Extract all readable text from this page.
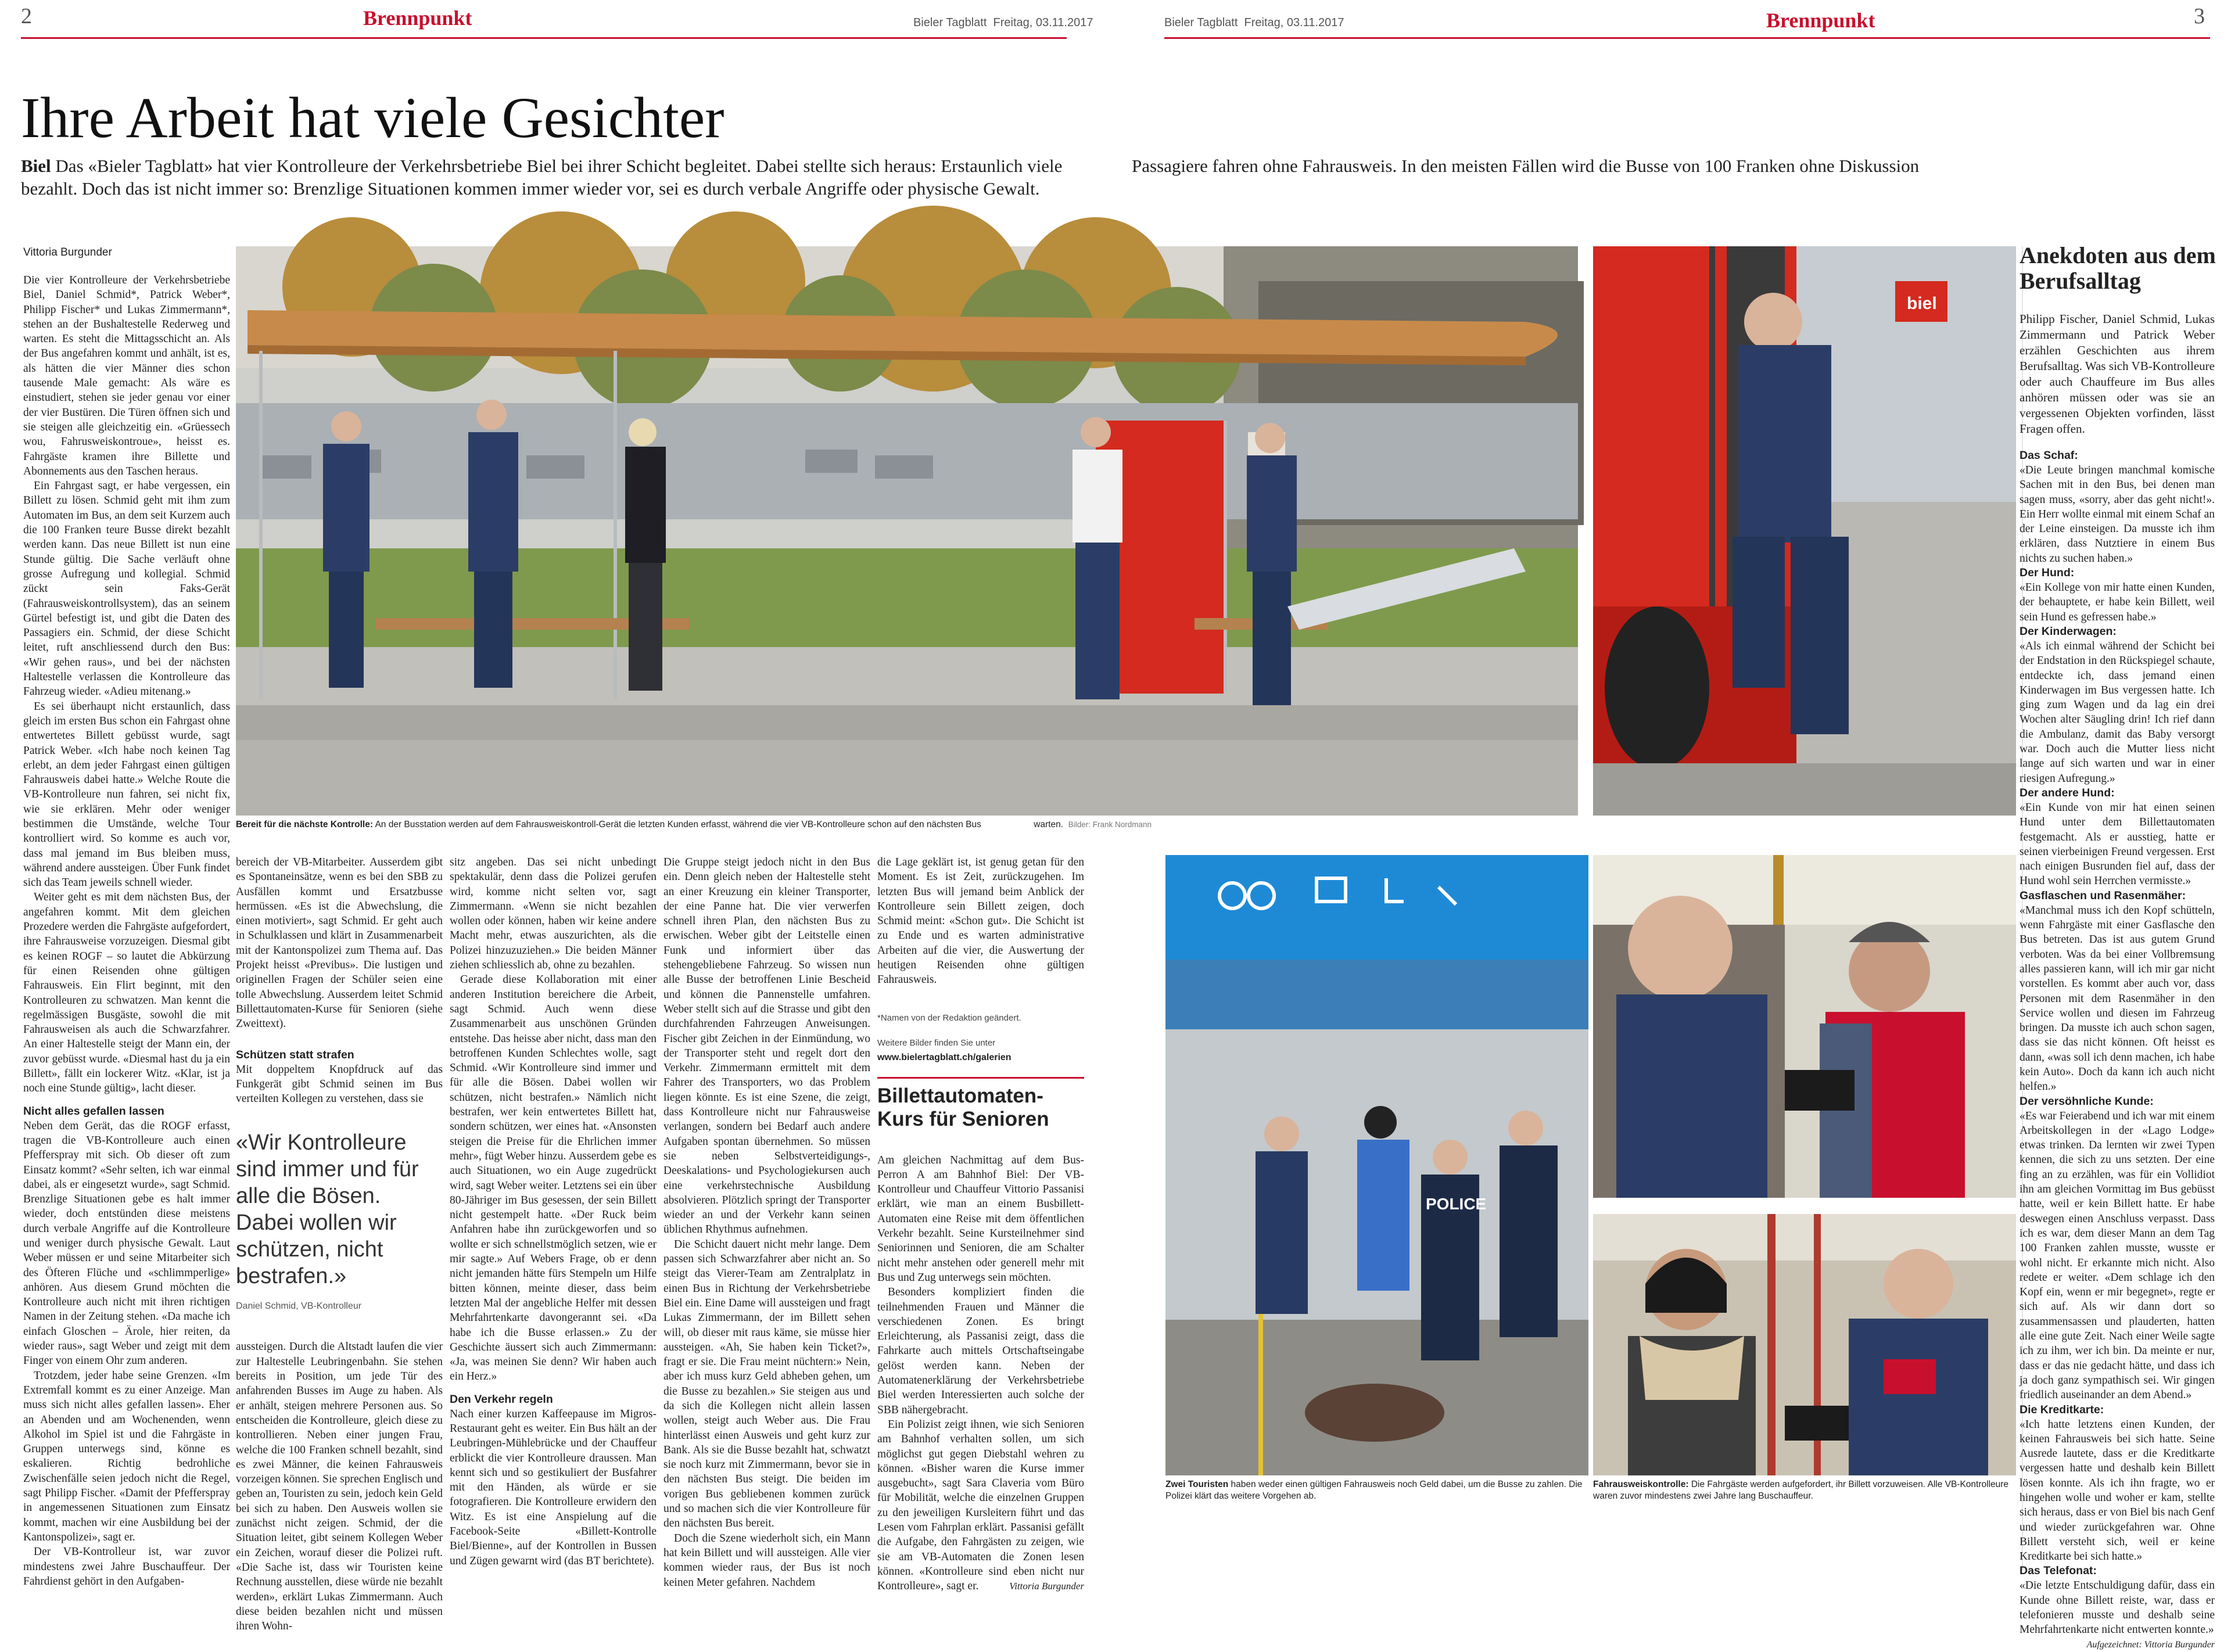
2	Brennpunkt	Bieler Tagblatt Freitag, 03.11.2017	Bieler Tagblatt Freitag, 03.11.2017	Brennpunkt	3
Ihre Arbeit hat viele Gesichter
Biel Das «Bieler Tagblatt» hat vier Kontrolleure der Verkehrsbetriebe Biel bei ihrer Schicht begleitet. Dabei stellte sich heraus: Erstaunlich viele bezahlt. Doch das ist nicht immer so: Brenzlige Situationen kommen immer wieder vor, sei es durch verbale Angriffe oder physische Gewalt.
Passagiere fahren ohne Fahrausweis. In den meisten Fällen wird die Busse von 100 Franken ohne Diskussion
Vittoria Burgunder

Die vier Kontrolleure der Verkehrsbetriebe Biel, Daniel Schmid*, Patrick Weber*, Philipp Fischer* und Lukas Zimmermann*, stehen an der Bushaltestelle Rederweg und warten. Es steht die Mittagsschicht an. Als der Bus angefahren kommt und anhält, ist es, als hätten die vier Männer dies schon tausende Male gemacht: Als wäre es einstudiert, stehen sie jeder genau vor einer der vier Bustüren. Die Türen öffnen sich und sie steigen alle gleichzeitig ein. «Grüessech wou, Fahrusweiskontroue», heisst es. Fahrgäste kramen ihre Billette und Abonnements aus den Taschen heraus.

Ein Fahrgast sagt, er habe vergessen, ein Billett zu lösen. Schmid geht mit ihm zum Automaten im Bus, an dem seit Kurzem auch die 100 Franken teure Busse direkt bezahlt werden kann. Das neue Billett ist nun eine Stunde gültig. Die Sache verläuft ohne grosse Aufregung und kollegial. Schmid zückt sein Faks-Gerät (Fahrausweiskontrollsystem), das an seinem Gürtel befestigt ist, und gibt die Daten des Passagiers ein. Schmid, der diese Schicht leitet, ruft anschliessend durch den Bus: «Wir gehen raus», und bei der nächsten Haltestelle verlassen die Kontrolleure das Fahrzeug wieder. «Adieu mitenang.»

Es sei überhaupt nicht erstaunlich, dass gleich im ersten Bus schon ein Fahrgast ohne entwertetes Billett gebüsst wurde, sagt Patrick Weber. «Ich habe noch keinen Tag erlebt, an dem jeder Fahrgast einen gültigen Fahrausweis dabei hatte.» Welche Route die VB-Kontrolleure nun fahren, sei nicht fix, wie sie erklären. Mehr oder weniger bestimmen die Umstände, welche Tour kontrolliert wird. So komme es auch vor, dass mal jemand im Bus bleiben muss, während andere aussteigen. Über Funk findet sich das Team jeweils schnell wieder.

Weiter geht es mit dem nächsten Bus, der angefahren kommt. Mit dem gleichen Prozedere werden die Fahrgäste aufgefordert, ihre Fahrausweise vorzuzeigen. Diesmal gibt es keinen ROGF – so lautet die Abkürzung für einen Reisenden ohne gültigen Fahrausweis. Ein Flirt beginnt, mit den Kontrolleuren zu schwatzen. Man kennt die regelmässigen Busgäste, sowohl die mit Fahrausweisen als auch die Schwarzfahrer. An einer Haltestelle steigt der Mann ein, der zuvor gebüsst wurde. «Diesmal hast du ja ein Billett», fällt ein lockerer Witz. «Klar, ist ja noch eine Stunde gültig», lacht dieser.

Nicht alles gefallen lassen

Neben dem Gerät, das die ROGF erfasst, tragen die VB-Kontrolleure auch einen Pfefferspray mit sich. Ob dieser oft zum Einsatz kommt? «Sehr selten, ich war einmal dabei, als er eingesetzt wurde», sagt Schmid. Brenzlige Situationen gebe es halt immer wieder, doch entstünden diese meistens durch verbale Angriffe auf die Kontrolleure und weniger durch physische Gewalt. Laut Weber müssen er und seine Mitarbeiter sich des Öfteren Flüche und «schlimmperlige» anhören. Aus diesem Grund möchten die Kontrolleure auch nicht mit ihren richtigen Namen in der Zeitung stehen. «Da mache ich einfach Gloschen – Ärole, hier reiten, da wieder raus», sagt Weber und zeigt mit dem Finger von einem Ohr zum anderen.

Trotzdem, jeder habe seine Grenzen. «Im Extremfall kommt es zu einer Anzeige. Man muss sich nicht alles gefallen lassen». Eher an Abenden und am Wochenenden, wenn Alkohol im Spiel ist und die Fahrgäste in Gruppen unterwegs sind, könne es eskalieren. Richtig bedrohliche Zwischenfälle seien jedoch nicht die Regel, sagt Philipp Fischer. «Damit der Pfefferspray in angemessenen Situationen zum Einsatz kommt, machen wir eine Ausbildung bei der Kantonspolizei», sagt er.

Der VB-Kontrolleur ist, war zuvor mindestens zwei Jahre Buschauffeur. Der Fahrdienst gehört in den Aufgaben-

Bereit für die nächste Kontrolle: An der Busstation werden auf dem Fahrausweiskontroll-Gerät die letzten Kunden erfasst, während die vier VB-Kontrolleure schon auf den nächsten Bus	warten. Bilder: Frank Nordmann

bereich der VB-Mitarbeiter. Ausserdem gibt es Spontaneinsätze, wenn es bei den SBB zu Ausfällen kommt und Ersatzbusse hermüssen. «Es ist die Abwechslung, die einen motiviert», sagt Schmid. Er geht auch in Schulklassen und klärt in Zusammenarbeit mit der Kantonspolizei zum Thema auf. Das Projekt heisst «Previbus». Die lustigen und originellen Fragen der Schüler seien eine tolle Abwechslung. Ausserdem leitet Schmid Billettautomaten-Kurse für Senioren (siehe Zweittext).

Schützen statt strafen

Mit doppeltem Knopfdruck auf das Funkgerät gibt Schmid seinen im Bus verteilten Kollegen zu verstehen, dass sie

«Wir Kontrolleure sind immer und für alle die Bösen. Dabei wollen wir schützen, nicht bestrafen.»
Daniel Schmid, VB-Kontrolleur

aussteigen. Durch die Altstadt laufen die vier zur Haltestelle Leubringenbahn. Sie stehen bereits in Position, um jede Tür des anfahrenden Busses im Auge zu haben. Als er anhält, steigen mehrere Personen aus. So entscheiden die Kontrolleure, gleich diese zu kontrollieren. Neben einer jungen Frau, welche die 100 Franken schnell bezahlt, sind es zwei Männer, die keinen Fahrausweis vorzeigen können. Sie sprechen Englisch und geben an, Touristen zu sein, jedoch kein Geld bei sich zu haben. Den Ausweis wollen sie zunächst nicht zeigen. Schmid, der die Situation leitet, gibt seinem Kollegen Weber ein Zeichen, worauf dieser die Polizei ruft. «Die Sache ist, dass wir Touristen keine Rechnung ausstellen, diese würde nie bezahlt werden», erklärt Lukas Zimmermann. Auch diese beiden bezahlen nicht und müssen ihren Wohn-

sitz angeben. Das sei nicht unbedingt spektakulär, denn dass die Polizei gerufen wird, komme nicht selten vor, sagt Zimmermann. «Wenn sie nicht bezahlen wollen oder können, haben wir keine andere Macht mehr, etwas auszurichten, als die Polizei hinzuzuziehen.» Die beiden Männer ziehen schliesslich ab, ohne zu bezahlen.

Gerade diese Kollaboration mit einer anderen Institution bereichere die Arbeit, sagt Schmid. Auch wenn diese Zusammenarbeit aus unschönen Gründen entstehe. Das heisse aber nicht, dass man den betroffenen Kunden Schlechtes wolle, sagt Schmid. «Wir Kontrolleure sind immer und für alle die Bösen. Dabei wollen wir schützen, nicht bestrafen.» Nämlich nicht bestrafen, wer kein entwertetes Billett hat, sondern schützen, wer eines hat. «Ansonsten steigen die Preise für die Ehrlichen immer mehr», fügt Weber hinzu. Ausserdem gebe es auch Situationen, wo ein Auge zugedrückt wird, sagt Weber weiter. Letztens sei ein über 80-Jähriger im Bus gesessen, der sein Billett nicht gestempelt hatte. «Der Ruck beim Anfahren habe ihn zurückgeworfen und so wollte er sich schnellstmöglich setzen, wie er mir sagte.» Auf Webers Frage, ob er denn nicht jemanden hätte fürs Stempeln um Hilfe bitten können, meinte dieser, dass beim letzten Mal der angebliche Helfer mit dessen Mehrfahrtenkarte davongerannt sei. «Da habe ich die Busse erlassen.» Zu der Geschichte äussert sich auch Zimmermann: «Ja, was meinen Sie denn? Wir haben auch ein Herz.»

Den Verkehr regeln

Nach einer kurzen Kaffeepause im Migros-Restaurant geht es weiter. Ein Bus hält an der Leubringen-Mühlebrücke und der Chauffeur erblickt die vier Kontrolleure draussen. Man kennt sich und so gestikuliert der Busfahrer mit den Händen, als würde er sie fotografieren. Die Kontrolleure erwidern den Witz. Es ist eine Anspielung auf die Facebook-Seite «Billett-Kontrolle Biel/Bienne», auf der Kontrollen in Bussen und Zügen gewarnt wird (das BT berichtete).

Die Gruppe steigt jedoch nicht in den Bus ein. Denn gleich neben der Haltestelle steht an einer Kreuzung ein kleiner Transporter, der eine Panne hat. Die vier verwerfen schnell ihren Plan, den nächsten Bus zu erwischen. Weber gibt der Leitstelle einen Funk und informiert über das stehengebliebene Fahrzeug. So wissen nun alle Busse der betroffenen Linie Bescheid und können die Pannenstelle umfahren. Weber stellt sich auf die Strasse und gibt den durchfahrenden Fahrzeugen Anweisungen. Fischer gibt Zeichen in der Einmündung, wo der Transporter steht und regelt dort den Verkehr. Zimmermann ermittelt mit dem Fahrer des Transporters, wo das Problem liegen könnte. Es ist eine Szene, die zeigt, dass Kontrolleure nicht nur Fahrausweise verlangen, sondern bei Bedarf auch andere Aufgaben spontan übernehmen. So müssen sie neben Selbstverteidigungs-, Deeskalations- und Psychologiekursen auch eine verkehrstechnische Ausbildung absolvieren. Plötzlich springt der Transporter wieder an und der Verkehr kann seinen üblichen Rhythmus aufnehmen.

Die Schicht dauert nicht mehr lange. Dem passen sich Schwarzfahrer aber nicht an. So steigt das Vierer-Team am Zentralplatz in einen Bus in Richtung der Verkehrsbetriebe Biel ein. Eine Dame will aussteigen und fragt Lukas Zimmermann, der im Billett sehen will, ob dieser mit raus käme, sie müsse hier aussteigen. «Ah, Sie haben kein Ticket?», fragt er sie. Die Frau meint nüchtern:» Nein, aber ich muss kurz Geld abheben gehen, um die Busse zu bezahlen.» Sie steigen aus und da sich die Kollegen nicht allein lassen wollen, steigt auch Weber aus. Die Frau hinterlässt einen Ausweis und geht kurz zur Bank. Als sie die Busse bezahlt hat, schwatzt sie noch kurz mit Zimmermann, bevor sie in den nächsten Bus steigt. Die beiden im vorigen Bus gebliebenen kommen zurück und so machen sich die vier Kontrolleure für den nächsten Bus bereit.

Doch die Szene wiederholt sich, ein Mann hat kein Billett und will aussteigen. Alle vier kommen wieder raus, der Bus ist noch keinen Meter gefahren. Nachdem

die Lage geklärt ist, ist genug getan für den Moment. Es ist Zeit, zurückzugehen. Im letzten Bus will jemand beim Anblick der Kontrolleure sein Billett zeigen, doch Schmid meint: «Schon gut». Die Schicht ist zu Ende und es warten administrative Arbeiten auf die vier, die Auswertung der heutigen Reisenden ohne gültigen Fahrausweis.

*Namen von der Redaktion geändert.
Weitere Bilder finden Sie unter
www.bielertagblatt.ch/galerien
Billettautomaten-Kurs für Senioren

Am gleichen Nachmittag auf dem Bus-Perron A am Bahnhof Biel: Der VB-Kontrolleur und Chauffeur Vittorio Passanisi erklärt, wie man an einem Busbillett-Automaten eine Reise mit dem öffentlichen Verkehr bezahlt. Seine Kursteilnehmer sind Seniorinnen und Senioren, die am Schalter nicht mehr anstehen oder generell mehr mit Bus und Zug unterwegs sein möchten.

Besonders kompliziert finden die teilnehmenden Frauen und Männer die verschiedenen Zonen. Es bringt Erleichterung, als Passanisi zeigt, dass die Fahrkarte auch mittels Ortschaftseingabe gelöst werden kann. Neben der Automatenerklärung der Verkehrsbetriebe Biel werden Interessierten auch solche der SBB nähergebracht.

Ein Polizist zeigt ihnen, wie sich Senioren am Bahnhof verhalten sollen, um sich möglichst gut gegen Diebstahl wehren zu können. «Bisher waren die Kurse immer ausgebucht», sagt Sara Claveria vom Büro für Mobilität, welche die einzelnen Gruppen zu den jeweiligen Kursleitern führt und das Lesen vom Fahrplan erklärt. Passanisi gefällt die Aufgabe, den Fahrgästen zu zeigen, wie sie am VB-Automaten die Zonen lesen können. «Kontrolleure sind eben nicht nur Kontrolleure», sagt er.	Vittoria Burgunder
biel
POLICE
Zwei Touristen haben weder einen gültigen Fahrausweis noch Geld dabei, um die Busse zu zahlen. Die Polizei klärt das weitere Vorgehen ab.
Fahrausweiskontrolle: Die Fahrgäste werden aufgefordert, ihr Billett vorzuweisen. Alle VB-Kontrolleure waren zuvor mindestens zwei Jahre lang Buschauffeur.
Anekdoten aus dem Berufsalltag

Philipp Fischer, Daniel Schmid, Lukas Zimmermann und Patrick Weber erzählen Geschichten aus ihrem Berufsalltag. Was sich VB-Kontrolleure oder auch Chauffeure im Bus alles anhören müssen oder was sie an vergessenen Objekten vorfinden, lässt Fragen offen.

Das Schaf:

«Die Leute bringen manchmal komische Sachen mit in den Bus, bei denen man sagen muss, «sorry, aber das geht nicht!». Ein Herr wollte einmal mit einem Schaf an der Leine einsteigen. Da musste ich ihm erklären, dass Nutztiere in einem Bus nichts zu suchen haben.»

Der Hund:

«Ein Kollege von mir hatte einen Kunden, der behauptete, er habe kein Billett, weil sein Hund es gefressen habe.»

Der Kinderwagen:

«Als ich einmal während der Schicht bei der Endstation in den Rückspiegel schaute, entdeckte ich, dass jemand einen Kinderwagen im Bus vergessen hatte. Ich ging zum Wagen und da lag ein drei Wochen alter Säugling drin! Ich rief dann die Ambulanz, damit das Baby versorgt war. Doch auch die Mutter liess nicht lange auf sich warten und war in einer riesigen Aufregung.»

Der andere Hund:

«Ein Kunde von mir hat einen seinen Hund unter dem Billettautomaten festgemacht. Als er ausstieg, hatte er seinen vierbeinigen Freund vergessen. Erst nach einigen Busrunden fiel auf, dass der Hund wohl sein Herrchen vermisste.»

Gasflaschen und Rasenmäher:

«Manchmal muss ich den Kopf schütteln, wenn Fahrgäste mit einer Gasflasche den Bus betreten. Das ist aus gutem Grund verboten. Was da bei einer Vollbremsung alles passieren kann, will ich mir gar nicht vorstellen. Es kommt aber auch vor, dass Personen mit dem Rasenmäher in den Service wollen und diesen im Fahrzeug bringen. Da musste ich auch schon sagen, dass sie das nicht können. Oft heisst es dann, «was soll ich denn machen, ich habe kein Auto». Doch da kann ich auch nicht helfen.»

Der versöhnliche Kunde:

«Es war Feierabend und ich war mit einem Arbeitskollegen in der «Lago Lodge» etwas trinken. Da lernten wir zwei Typen kennen, die sich zu uns setzten. Der eine fing an zu erzählen, was für ein Vollidiot ihn am gleichen Vormittag im Bus gebüsst hatte, weil er kein Billett hatte. Er habe deswegen einen Anschluss verpasst. Dass ich es war, dem dieser Mann an dem Tag 100 Franken zahlen musste, wusste er wohl nicht. Er erkannte mich nicht. Also redete er weiter. «Dem schlage ich den Kopf ein, wenn er mir begegnet», regte er sich auf. Als wir dann dort so zusammensassen und plauderten, hatten alle eine gute Zeit. Nach einer Weile sagte ich zu ihm, wer ich bin. Da meinte er nur, dass er das nie gedacht hätte, und dass ich ja doch ganz sympathisch sei. Wir gingen friedlich auseinander an dem Abend.»

Die Kreditkarte:

«Ich hatte letztens einen Kunden, der keinen Fahrausweis bei sich hatte. Seine Ausrede lautete, dass er die Kreditkarte vergessen hatte und deshalb kein Billett lösen konnte. Als ich ihn fragte, wo er hingehen wolle und woher er kam, stellte sich heraus, dass er von Biel bis nach Genf und wieder zurückgefahren war. Ohne Billett versteht sich, weil er keine Kreditkarte bei sich hatte.»

Das Telefonat:

«Die letzte Entschuldigung dafür, dass ein Kunde ohne Billett reiste, war, dass er telefonieren musste und deshalb seine Mehrfahrtenkarte nicht entwerten konnte.»

Aufgezeichnet: Vittoria Burgunder
